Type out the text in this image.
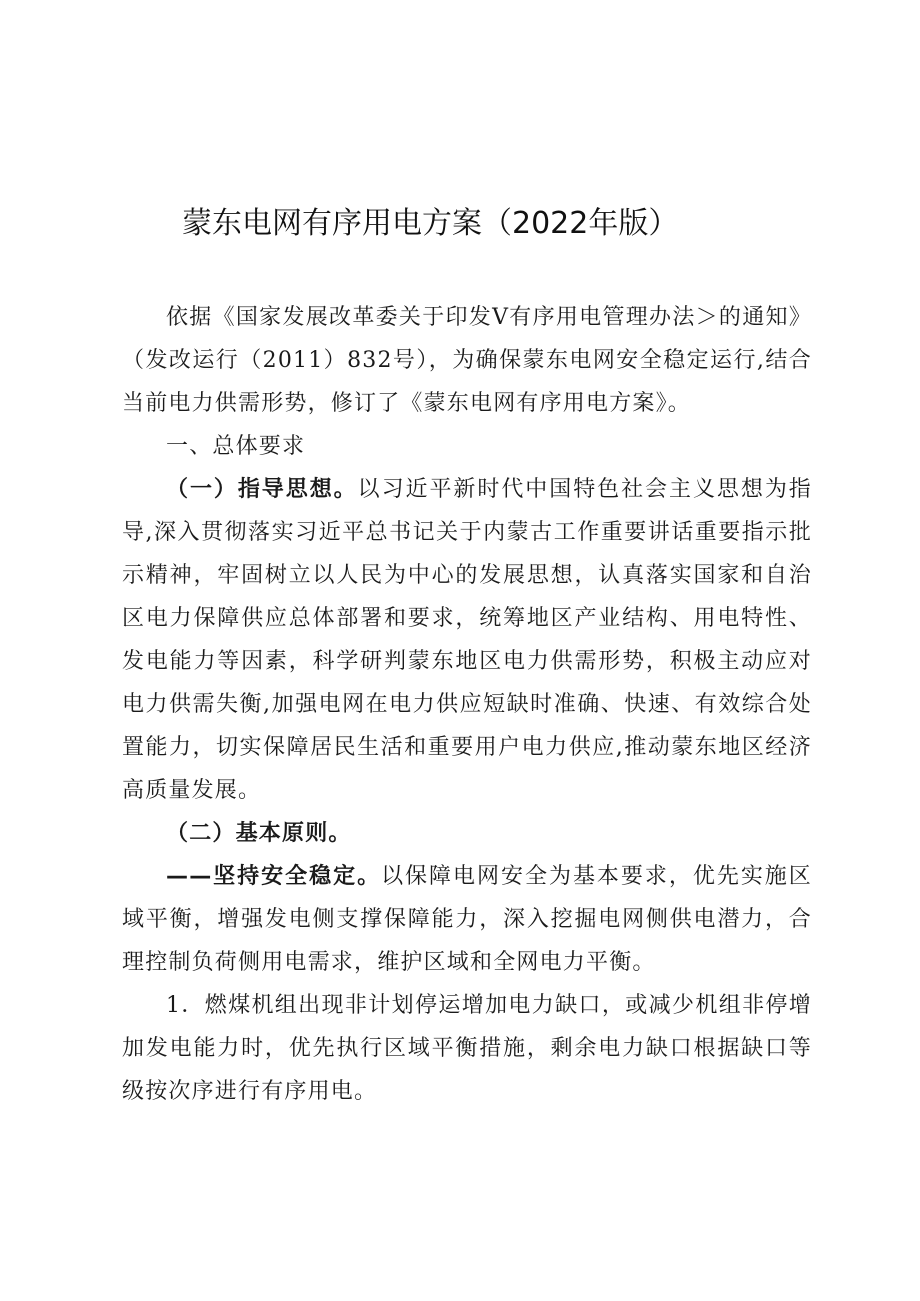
蒙东电网有序用电方案（2022年版）

依据《国家发展改革委关于印发V有序用电管理办法＞的通知》（发改运行（2011）832号），为确保蒙东电网安全稳定运行,结合当前电力供需形势，修订了《蒙东电网有序用电方案》。

一、总体要求

（一）指导思想。以习近平新时代中国特色社会主义思想为指导,深入贯彻落实习近平总书记关于内蒙古工作重要讲话重要指示批示精神，牢固树立以人民为中心的发展思想，认真落实国家和自治区电力保障供应总体部署和要求，统筹地区产业结构、用电特性、发电能力等因素，科学研判蒙东地区电力供需形势，积极主动应对电力供需失衡,加强电网在电力供应短缺时准确、快速、有效综合处置能力，切实保障居民生活和重要用户电力供应,推动蒙东地区经济高质量发展。

（二）基本原则。

——坚持安全稳定。以保障电网安全为基本要求，优先实施区域平衡，增强发电侧支撑保障能力，深入挖掘电网侧供电潜力，合理控制负荷侧用电需求，维护区域和全网电力平衡。

1．燃煤机组出现非计划停运增加电力缺口，或减少机组非停增加发电能力时，优先执行区域平衡措施，剩余电力缺口根据缺口等级按次序进行有序用电。
